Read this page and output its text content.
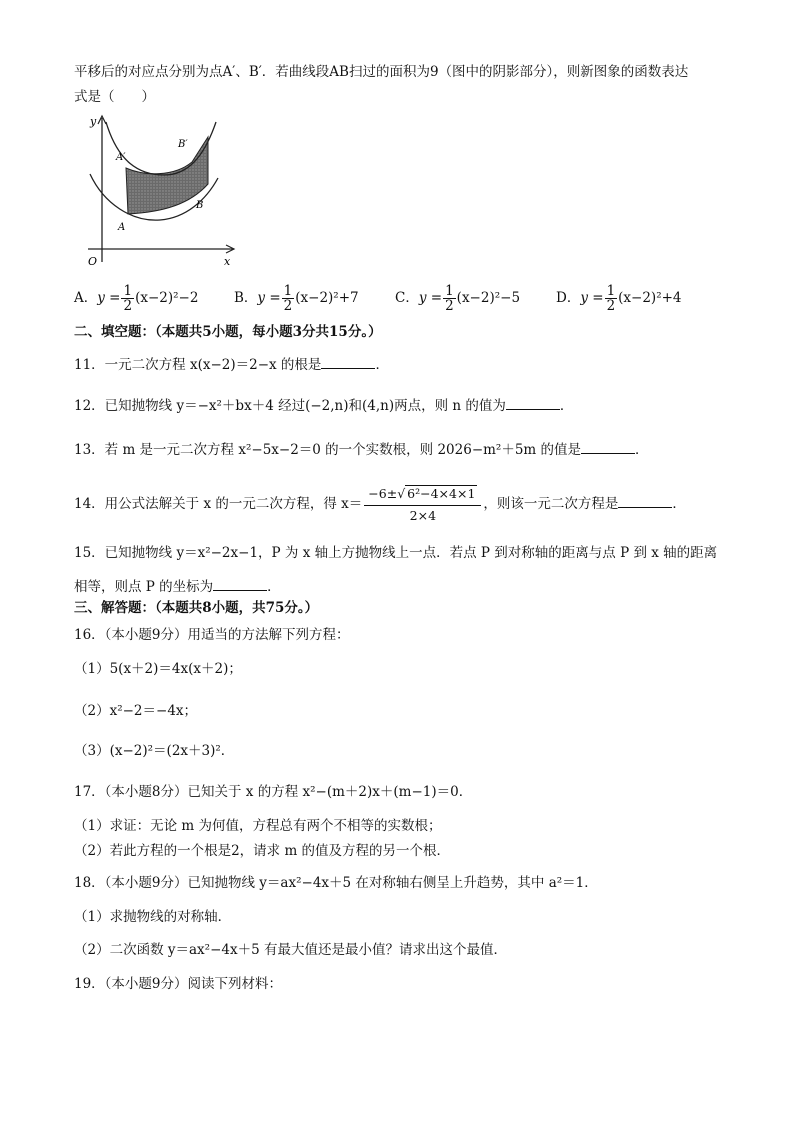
平移后的对应点分别为点A′、B′．若曲线段AB扫过的面积为9（图中的阴影部分），则新图象的函数表达
式是（　　）
y
x
O
A
B
A′
B′
A．$y = \frac{1}{2} (x-2)^2-2$	B．$y = \frac{1}{2} (x-2)^2+7$	C．$y = \frac{1}{2} (x-2)^2-5$	D．$y = \frac{1}{2} (x-2)^2+4$
二、填空题：（本题共5小题，每小题3分共15分。）
11．一元二次方程 x(x−2)＝2−x 的根是	．
12．已知抛物线 y＝−x²＋bx＋4 经过(−2,n)和(4,n)两点，则 n 的值为	．
13．若 m 是一元二次方程 x²−5x−2＝0 的一个实数根，则 2026−m²＋5m 的值是	．
14．用公式法解关于 x 的一元二次方程，得 $x= \frac{\text{−6±√ 6²−4×4×1}}{2\times 4}$ ，则该一元二次方程是	．
15．已知抛物线 y＝x²−2x−1，P 为 x 轴上方抛物线上一点．若点 P 到对称轴的距离与点 P 到 x 轴的距离
相等，则点 P 的坐标为	．
三、解答题：（本题共8小题，共75分。）
16．（本小题9分）用适当的方法解下列方程：
（1）5(x＋2)＝4x(x＋2)；
（2）x²−2＝−4x；
（3）(x−2)²＝(2x＋3)²．
17．（本小题8分）已知关于 x 的方程 x²−(m＋2)x＋(m−1)＝0．
（1）求证：无论 m 为何值，方程总有两个不相等的实数根；
（2）若此方程的一个根是2，请求 m 的值及方程的另一个根．
18．（本小题9分）已知抛物线 y＝ax²−4x＋5 在对称轴右侧呈上升趋势，其中 a²＝1．
（1）求抛物线的对称轴．
（2）二次函数 y＝ax²−4x＋5 有最大值还是最小值？请求出这个最值．
19．（本小题9分）阅读下列材料：
